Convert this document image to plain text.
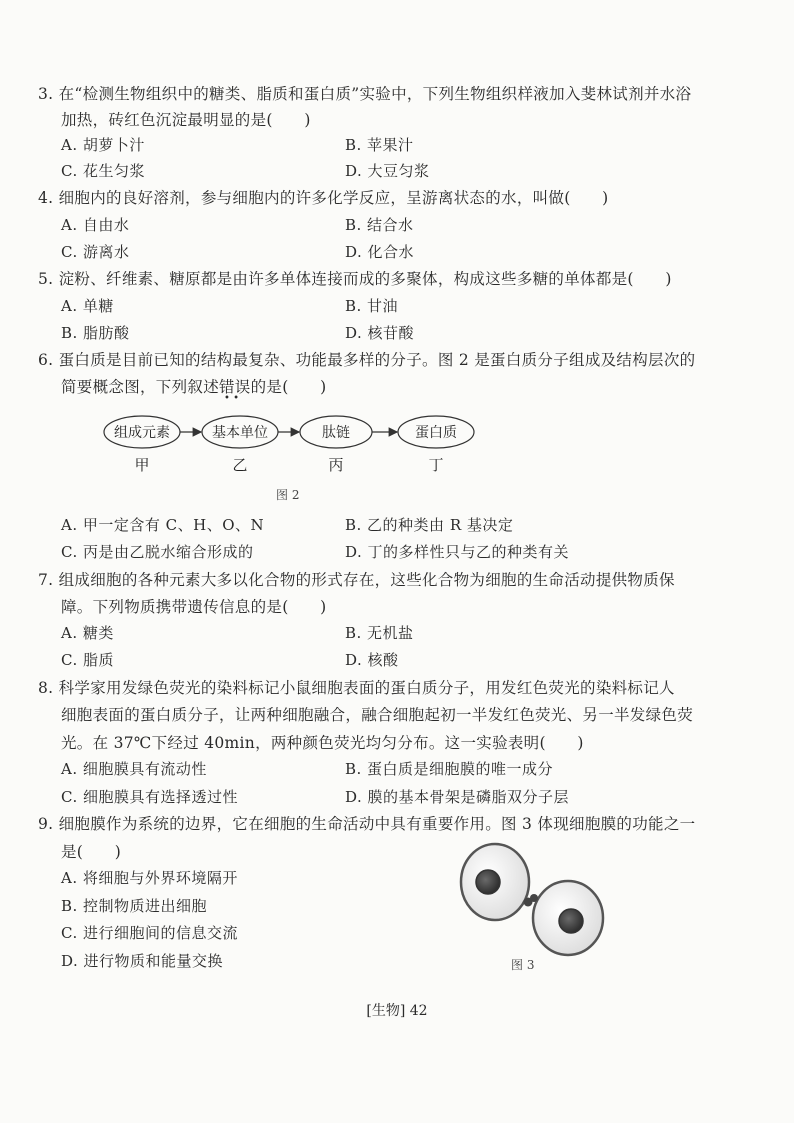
3. 在“检测生物组织中的糖类、脂质和蛋白质”实验中，下列生物组织样液加入斐林试剂并水浴
加热，砖红色沉淀最明显的是(　　)
A. 胡萝卜汁	B. 苹果汁
C. 花生匀浆	D. 大豆匀浆
4. 细胞内的良好溶剂，参与细胞内的许多化学反应，呈游离状态的水，叫做(　　)
A. 自由水	B. 结合水
C. 游离水	D. 化合水
5. 淀粉、纤维素、糖原都是由许多单体连接而成的多聚体，构成这些多糖的单体都是(　　)
A. 单糖	B. 甘油
B. 脂肪酸	D. 核苷酸
6. 蛋白质是目前已知的结构最复杂、功能最多样的分子。图 2 是蛋白质分子组成及结构层次的
简要概念图，下列叙述错误的是(　　)
• •
组成元素	基本单位	肽链	蛋白质
甲	乙	丙	丁
图 2
A. 甲一定含有 C、H、O、N	B. 乙的种类由 R 基决定
C. 丙是由乙脱水缩合形成的	D. 丁的多样性只与乙的种类有关
7. 组成细胞的各种元素大多以化合物的形式存在，这些化合物为细胞的生命活动提供物质保
障。下列物质携带遗传信息的是(　　)
A. 糖类	B. 无机盐
C. 脂质	D. 核酸
8. 科学家用发绿色荧光的染料标记小鼠细胞表面的蛋白质分子，用发红色荧光的染料标记人
细胞表面的蛋白质分子，让两种细胞融合，融合细胞起初一半发红色荧光、另一半发绿色荧
光。在 37℃下经过 40min，两种颜色荧光均匀分布。这一实验表明(　　)
A. 细胞膜具有流动性	B. 蛋白质是细胞膜的唯一成分
C. 细胞膜具有选择透过性	D. 膜的基本骨架是磷脂双分子层
9. 细胞膜作为系统的边界，它在细胞的生命活动中具有重要作用。图 3 体现细胞膜的功能之一
是(　　)
A. 将细胞与外界环境隔开
B. 控制物质进出细胞
C. 进行细胞间的信息交流
D. 进行物质和能量交换	图 3
[生物] 42
